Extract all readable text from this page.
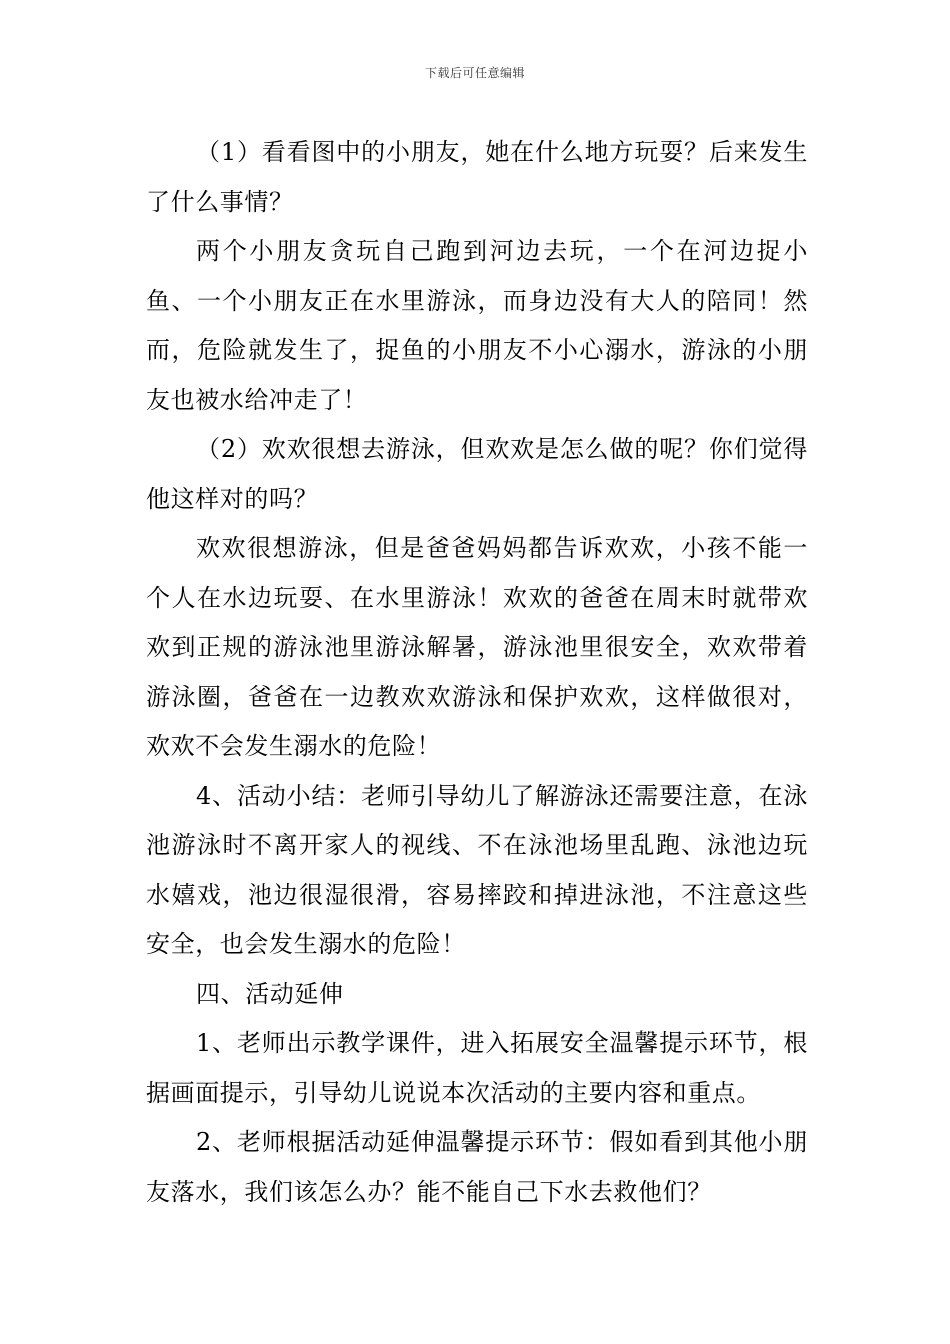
下载后可任意编辑

（1）看看图中的小朋友，她在什么地方玩耍？后来发生了什么事情？

两个小朋友贪玩自己跑到河边去玩，一个在河边捉小鱼、一个小朋友正在水里游泳，而身边没有大人的陪同！然而，危险就发生了，捉鱼的小朋友不小心溺水，游泳的小朋友也被水给冲走了！

（2）欢欢很想去游泳，但欢欢是怎么做的呢？你们觉得他这样对的吗？

欢欢很想游泳，但是爸爸妈妈都告诉欢欢，小孩不能一个人在水边玩耍、在水里游泳！欢欢的爸爸在周末时就带欢欢到正规的游泳池里游泳解暑，游泳池里很安全，欢欢带着游泳圈，爸爸在一边教欢欢游泳和保护欢欢，这样做很对，欢欢不会发生溺水的危险！

4、活动小结：老师引导幼儿了解游泳还需要注意，在泳池游泳时不离开家人的视线、不在泳池场里乱跑、泳池边玩水嬉戏，池边很湿很滑，容易摔跤和掉进泳池，不注意这些安全，也会发生溺水的危险！

四、活动延伸

1、老师出示教学课件，进入拓展安全温馨提示环节，根据画面提示，引导幼儿说说本次活动的主要内容和重点。

2、老师根据活动延伸温馨提示环节：假如看到其他小朋友落水，我们该怎么办？能不能自己下水去救他们？
